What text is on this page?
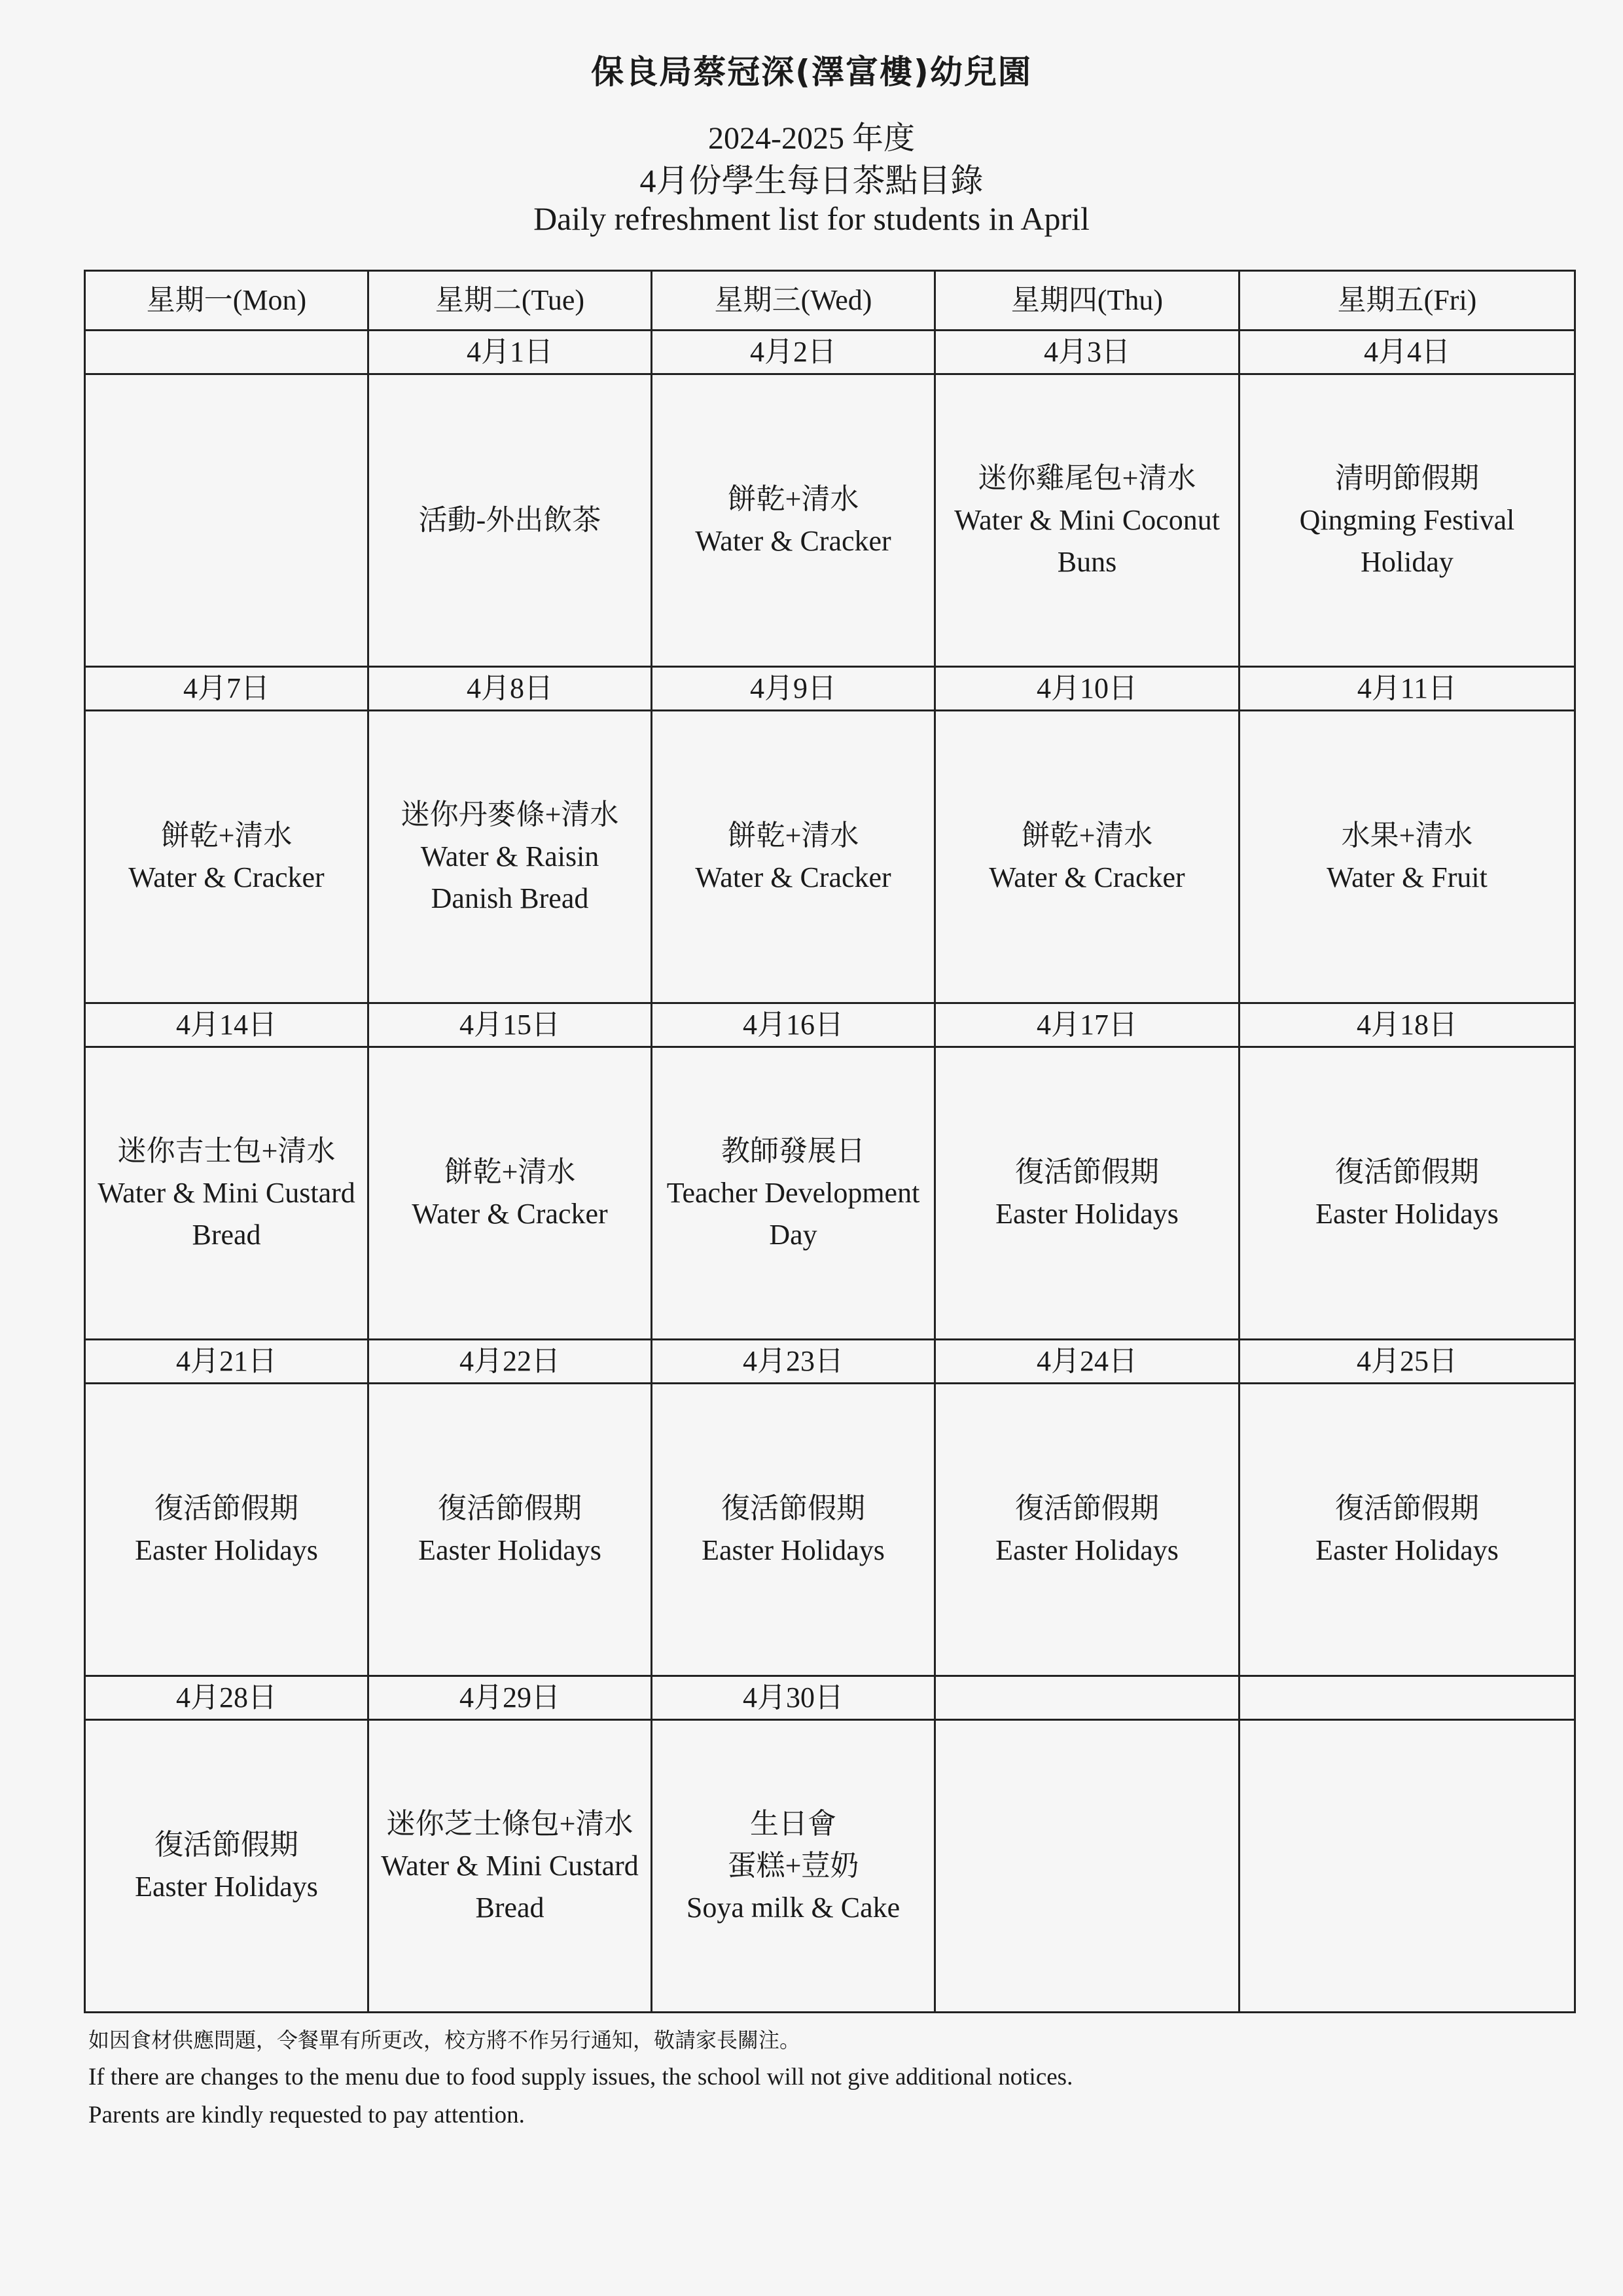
保良局蔡冠深(澤富樓)幼兒園
2024-2025 年度
4月份學生每日茶點目錄
Daily refreshment list for students in April
星期一(Mon)	星期二(Tue)	星期三(Wed)	星期四(Thu)	星期五(Fri)
	4月1日	4月2日	4月3日	4月4日

	活動-外出飲茶	餅乾+清水
Water & Cracker	迷你雞尾包+清水
Water & Mini Coconut
Buns	清明節假期
Qingming Festival
Holiday

4月7日	4月8日	4月9日	4月10日	4月11日

餅乾+清水
Water & Cracker	迷你丹麥條+清水
Water & Raisin
Danish Bread	餅乾+清水
Water & Cracker	餅乾+清水
Water & Cracker	水果+清水
Water & Fruit

4月14日	4月15日	4月16日	4月17日	4月18日

迷你吉士包+清水
Water & Mini Custard
Bread	餅乾+清水
Water & Cracker	教師發展日
Teacher Development
Day	復活節假期
Easter Holidays	復活節假期
Easter Holidays

4月21日	4月22日	4月23日	4月24日	4月25日

復活節假期
Easter Holidays	復活節假期
Easter Holidays	復活節假期
Easter Holidays	復活節假期
Easter Holidays	復活節假期
Easter Holidays

4月28日	4月29日	4月30日		

復活節假期
Easter Holidays	迷你芝士條包+清水
Water & Mini Custard
Bread	生日會
蛋糕+荳奶
Soya milk & Cake		

如因食材供應問題，令餐單有所更改，校方將不作另行通知，敬請家長關注。
If there are changes to the menu due to food supply issues, the school will not give additional notices.
Parents are kindly requested to pay attention.
